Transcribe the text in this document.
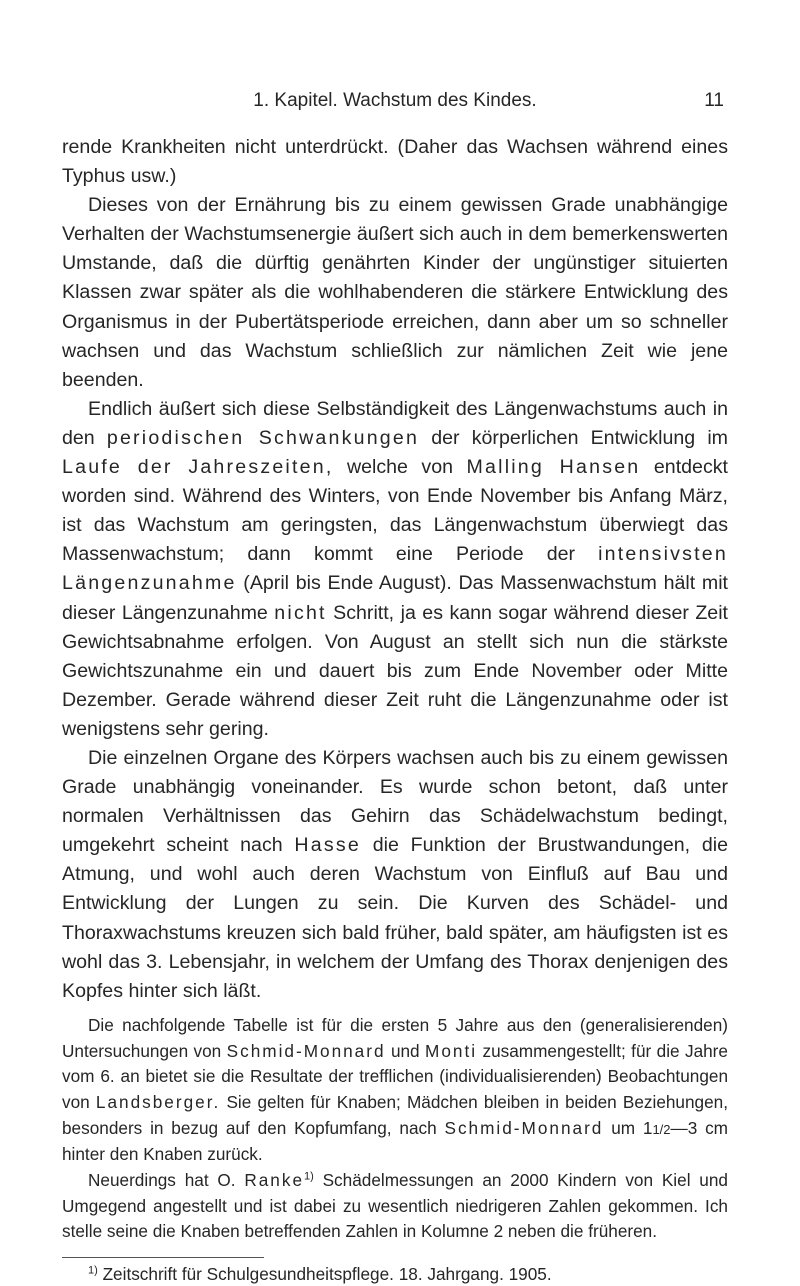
1. Kapitel. Wachstum des Kindes.	11

rende Krankheiten nicht unterdrückt. (Daher das Wachsen während eines Typhus usw.)

Dieses von der Ernährung bis zu einem gewissen Grade unabhängige Verhalten der Wachstumsenergie äußert sich auch in dem bemerkenswerten Umstande, daß die dürftig genährten Kinder der ungünstiger situierten Klassen zwar später als die wohlhabenderen die stärkere Entwicklung des Organismus in der Pubertätsperiode erreichen, dann aber um so schneller wachsen und das Wachstum schließlich zur nämlichen Zeit wie jene beenden.

Endlich äußert sich diese Selbständigkeit des Längenwachstums auch in den periodischen Schwankungen der körperlichen Entwicklung im Laufe der Jahreszeiten, welche von Malling Hansen entdeckt worden sind. Während des Winters, von Ende November bis Anfang März, ist das Wachstum am geringsten, das Längenwachstum überwiegt das Massenwachstum; dann kommt eine Periode der intensivsten Längenzunahme (April bis Ende August). Das Massenwachstum hält mit dieser Längenzunahme nicht Schritt, ja es kann sogar während dieser Zeit Gewichtsabnahme erfolgen. Von August an stellt sich nun die stärkste Gewichtszunahme ein und dauert bis zum Ende November oder Mitte Dezember. Gerade während dieser Zeit ruht die Längenzunahme oder ist wenigstens sehr gering.

Die einzelnen Organe des Körpers wachsen auch bis zu einem gewissen Grade unabhängig voneinander. Es wurde schon betont, daß unter normalen Verhältnissen das Gehirn das Schädelwachstum bedingt, umgekehrt scheint nach Hasse die Funktion der Brustwandungen, die Atmung, und wohl auch deren Wachstum von Einfluß auf Bau und Entwicklung der Lungen zu sein. Die Kurven des Schädel- und Thoraxwachstums kreuzen sich bald früher, bald später, am häufigsten ist es wohl das 3. Lebensjahr, in welchem der Umfang des Thorax denjenigen des Kopfes hinter sich läßt.

Die nachfolgende Tabelle ist für die ersten 5 Jahre aus den (generalisierenden) Untersuchungen von Schmid-Monnard und Monti zusammengestellt; für die Jahre vom 6. an bietet sie die Resultate der trefflichen (individualisierenden) Beobachtungen von Landsberger. Sie gelten für Knaben; Mädchen bleiben in beiden Beziehungen, besonders in bezug auf den Kopfumfang, nach Schmid-Monnard um 11/2—3 cm hinter den Knaben zurück.

Neuerdings hat O. Ranke$^{1)}$ Schädelmessungen an 2000 Kindern von Kiel und Umgegend angestellt und ist dabei zu wesentlich niedrigeren Zahlen gekommen. Ich stelle seine die Knaben betreffenden Zahlen in Kolumne 2 neben die früheren.

$^{1)}$ Zeitschrift für Schulgesundheitspflege. 18. Jahrgang. 1905.
